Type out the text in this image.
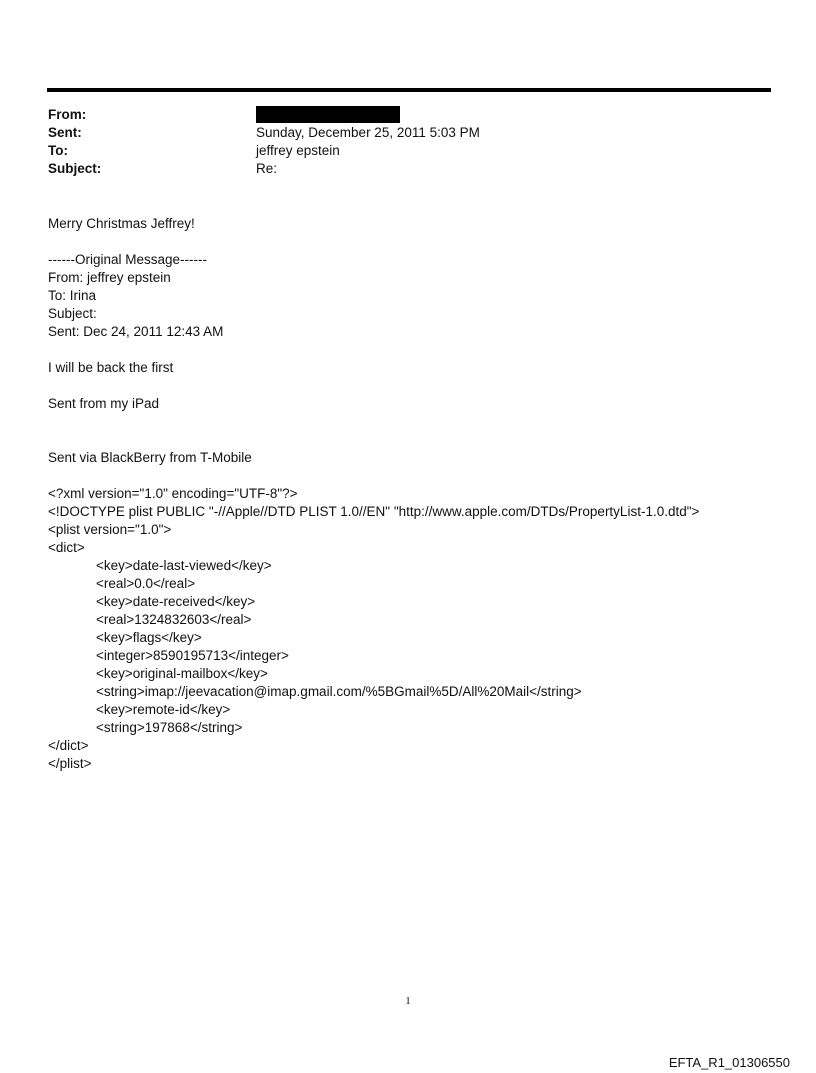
From:
Sent:	Sunday, December 25, 2011 5:03 PM
To:	jeffrey epstein
Subject:	Re:
Merry Christmas Jeffrey!
------Original Message------
From: jeffrey epstein
To: Irina
Subject:
Sent: Dec 24, 2011 12:43 AM
I will be back the first
Sent from my iPad
Sent via BlackBerry from T-Mobile
<?xml version="1.0" encoding="UTF-8"?>
<!DOCTYPE plist PUBLIC "-//Apple//DTD PLIST 1.0//EN" "http://www.apple.com/DTDs/PropertyList-1.0.dtd">
<plist version="1.0">
<dict>
<key>date-last-viewed</key>
<real>0.0</real>
<key>date-received</key>
<real>1324832603</real>
<key>flags</key>
<integer>8590195713</integer>
<key>original-mailbox</key>
<string>imap://jeevacation@imap.gmail.com/%5BGmail%5D/All%20Mail</string>
<key>remote-id</key>
<string>197868</string>
</dict>
</plist>
1
EFTA_R1_01306550
